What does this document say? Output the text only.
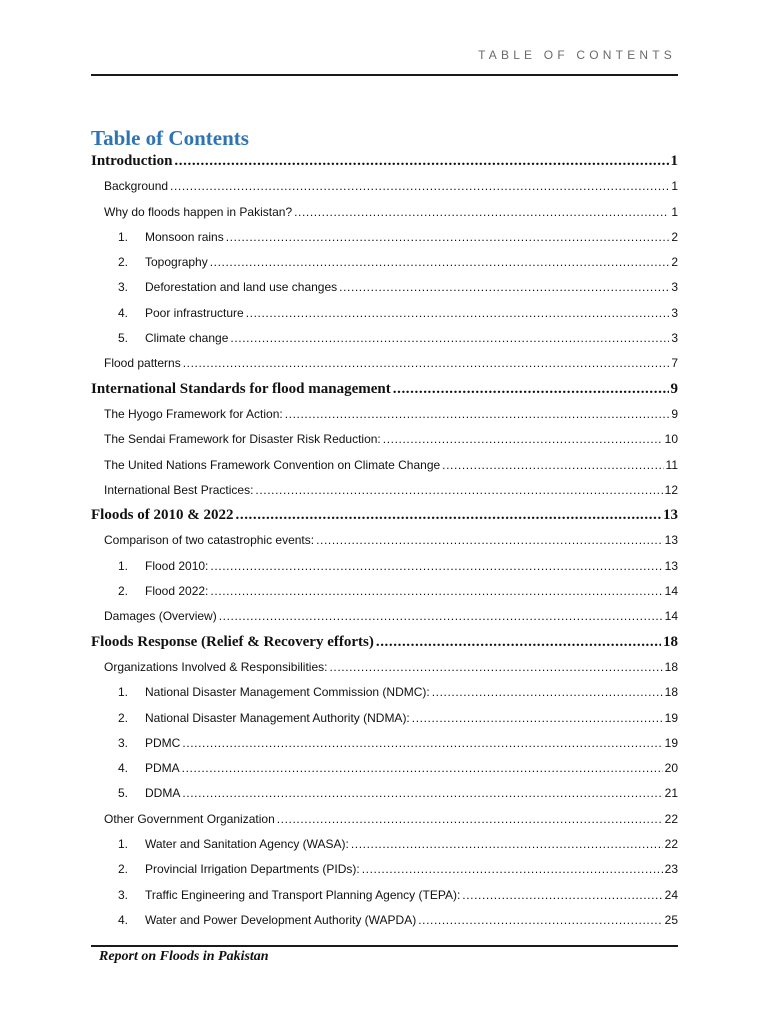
TABLE OF CONTENTS
Table of Contents
Introduction .....	1
Background .....	1
Why do floods happen in Pakistan? .....	1
1.	Monsoon rains .....	2
2.	Topography .....	2
3.	Deforestation and land use changes .....	3
4.	Poor infrastructure .....	3
5.	Climate change .....	3
Flood patterns .....	7
International Standards for flood management .....	9
The Hyogo Framework for Action: .....	9
The Sendai Framework for Disaster Risk Reduction: .....	10
The United Nations Framework Convention on Climate Change .....	11
International Best Practices: .....	12
Floods of 2010 & 2022 .....	13
Comparison of two catastrophic events: .....	13
1.	Flood 2010: .....	13
2.	Flood 2022: .....	14
Damages (Overview) .....	14
Floods Response (Relief & Recovery efforts) .....	18
Organizations Involved & Responsibilities: .....	18
1.	National Disaster Management Commission (NDMC): .....	18
2.	National Disaster Management Authority (NDMA): .....	19
3.	PDMC .....	19
4.	PDMA .....	20
5.	DDMA .....	21
Other Government Organization .....	22
1.	Water and Sanitation Agency (WASA): .....	22
2.	Provincial Irrigation Departments (PIDs): .....	23
3.	Traffic Engineering and Transport Planning Agency (TEPA): .....	24
4.	Water and Power Development Authority (WAPDA) .....	25
Report on Floods in Pakistan
